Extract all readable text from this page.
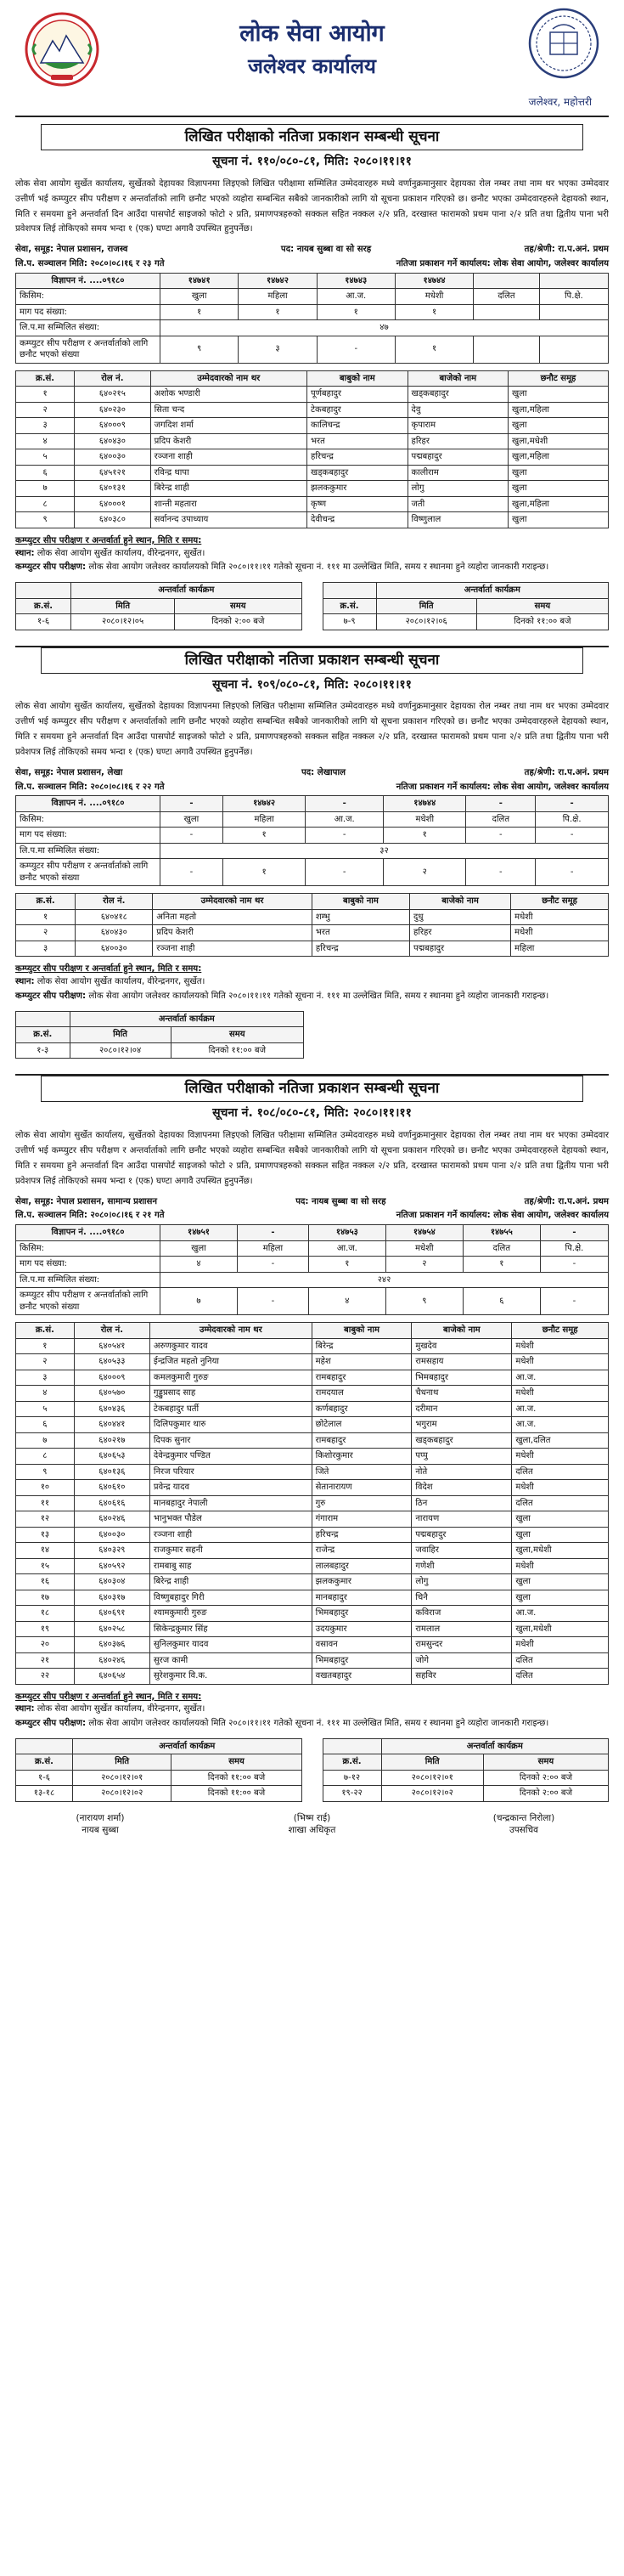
लोक सेवा आयोग
जलेश्वर कार्यालय
जलेश्वर, महोत्तरी
लिखित परीक्षाको नतिजा प्रकाशन सम्बन्धी सूचना
सूचना नं. ११०/०८०-८१, मिति: २०८०।११।११
लोक सेवा आयोग सुर्खेत कार्यालय, सुर्खेतको देहायका विज्ञापनमा लिइएको लिखित परीक्षामा सम्मिलित उम्मेदवारहरु मध्ये वर्णानुक्रमानुसार देहायका रोल नम्बर तथा नाम थर भएका उम्मेदवार उत्तीर्ण भई कम्प्युटर सीप परीक्षण र अन्तर्वार्ताको लागि छनौट भएको व्यहोरा सम्बन्धित सबैको जानकारीको लागि यो सूचना प्रकाशन गरिएको छ। छनौट भएका उम्मेदवारहरुले देहायको स्थान, मिति र समयमा हुने अन्तर्वार्ता दिन आउँदा पासपोर्ट साइजको फोटो २ प्रति, प्रमाणपत्रहरुको सक्कल सहित नक्कल २/२ प्रति, दरखास्त फारामको प्रथम पाना २/२ प्रति तथा द्वितीय पाना भरी प्रवेशपत्र लिई तोकिएको समय भन्दा १ (एक) घण्टा अगावै उपस्थित हुनुपर्नेछ।
सेवा, समूह: नेपाल प्रशासन, राजस्व	पद: नायब सुब्बा वा सो सरह	तह/श्रेणी: रा.प.अनं. प्रथम
लि.प. सञ्चालन मिति: २०८०।०८।१६ र २३ गते	नतिजा प्रकाशन गर्ने कार्यालय: लोक सेवा आयोग, जलेश्वर कार्यालय
विज्ञापन नं. ....०९१८०	१४७४१	१४७४२	१४७४३	१४७४४		
किसिम:	खुला	महिला	आ.ज.	मधेशी	दलित	पि.क्षे.
माग पद संख्या:	१	१	१	१		
लि.प.मा सम्मिलित संख्या:	४७					
कम्प्युटर सीप परीक्षण र अन्तर्वार्ताको लागि छनौट भएको संख्या	९	३	-	१		
क्र.सं.	रोल नं.	उम्मेदवारको नाम थर	बाबुको नाम	बाजेको नाम	छनौट समूह
१	६४०२१५	अशोक भण्डारी	पूर्णबहादुर	खड्कबहादुर	खुला
२	६४०२३०	सिता चन्द	टेकबहादुर	देवु	खुला,महिला
३	६४०००९	जगदिश शर्मा	कालिचन्द्र	कृपाराम	खुला
४	६४०४३०	प्रदिप केशरी	भरत	हरिहर	खुला,मधेशी
५	६४००३०	रञ्जना शाही	हरिचन्द्र	पद्मबहादुर	खुला,महिला
६	६४५१२१	रविन्द्र थापा	खड्कबहादुर	कालीराम	खुला
७	६४०१३१	बिरेन्द्र शाही	झलककुमार	लोगु	खुला
८	६४०००१	शान्ती महतारा	कृष्ण	जती	खुला,महिला
९	६४०३८०	सर्वानन्द उपाध्याय	देवीचन्द्र	विष्णुलाल	खुला
कम्प्युटर सीप परीक्षण र अन्तर्वार्ता हुने स्थान, मिति र समय:
स्थान: लोक सेवा आयोग सुर्खेत कार्यालय, वीरेन्द्रनगर, सुर्खेत।
कम्प्युटर सीप परीक्षण: लोक सेवा आयोग जलेश्वर कार्यालयको मिति २०८०।११।११ गतेको सूचना नं. १११ मा उल्लेखित मिति, समय र स्थानमा हुने व्यहोरा जानकारी गराइन्छ।
	अन्तर्वार्ता कार्यक्रम	
क्र.सं.	मिति	समय
१-६	२०८०।१२।०५	दिनको २:०० बजे
	अन्तर्वार्ता कार्यक्रम	
क्र.सं.	मिति	समय
७-९	२०८०।१२।०६	दिनको ११:०० बजे
लिखित परीक्षाको नतिजा प्रकाशन सम्बन्धी सूचना
सूचना नं. १०९/०८०-८१, मिति: २०८०।११।११
लोक सेवा आयोग सुर्खेत कार्यालय, सुर्खेतको देहायका विज्ञापनमा लिइएको लिखित परीक्षामा सम्मिलित उम्मेदवारहरु मध्ये वर्णानुक्रमानुसार देहायका रोल नम्बर तथा नाम थर भएका उम्मेदवार उत्तीर्ण भई कम्प्युटर सीप परीक्षण र अन्तर्वार्ताको लागि छनौट भएको व्यहोरा सम्बन्धित सबैको जानकारीको लागि यो सूचना प्रकाशन गरिएको छ। छनौट भएका उम्मेदवारहरुले देहायको स्थान, मिति र समयमा हुने अन्तर्वार्ता दिन आउँदा पासपोर्ट साइजको फोटो २ प्रति, प्रमाणपत्रहरुको सक्कल सहित नक्कल २/२ प्रति, दरखास्त फारामको प्रथम पाना २/२ प्रति तथा द्वितीय पाना भरी प्रवेशपत्र लिई तोकिएको समय भन्दा १ (एक) घण्टा अगावै उपस्थित हुनुपर्नेछ।
सेवा, समूह: नेपाल प्रशासन, लेखा	पद: लेखापाल	तह/श्रेणी: रा.प.अनं. प्रथम
लि.प. सञ्चालन मिति: २०८०।०८।१६ र २२ गते	नतिजा प्रकाशन गर्ने कार्यालय: लोक सेवा आयोग, जलेश्वर कार्यालय
विज्ञापन नं. ....०९१८०	-	१४७४२	-	१४७४४	-	-
किसिम:	खुला	महिला	आ.ज.	मधेशी	दलित	पि.क्षे.
माग पद संख्या:	-	१	-	१	-	-
लि.प.मा सम्मिलित संख्या:	३२					
कम्प्युटर सीप परीक्षण र अन्तर्वार्ताको लागि छनौट भएको संख्या	-	१	-	२	-	-
क्र.सं.	रोल नं.	उम्मेदवारको नाम थर	बाबुको नाम	बाजेको नाम	छनौट समूह
१	६४०४१८	अनिता महतो	शम्भु	दुधु	मधेशी
२	६४०४३०	प्रदिप केशरी	भरत	हरिहर	मधेशी
३	६४००३०	रञ्जना शाही	हरिचन्द्र	पद्मबहादुर	महिला
कम्प्युटर सीप परीक्षण र अन्तर्वार्ता हुने स्थान, मिति र समय:
स्थान: लोक सेवा आयोग सुर्खेत कार्यालय, वीरेन्द्रनगर, सुर्खेत।
कम्प्युटर सीप परीक्षण: लोक सेवा आयोग जलेश्वर कार्यालयको मिति २०८०।११।११ गतेको सूचना नं. १११ मा उल्लेखित मिति, समय र स्थानमा हुने व्यहोरा जानकारी गराइन्छ।
	अन्तर्वार्ता कार्यक्रम	
क्र.सं.	मिति	समय
१-३	२०८०।१२।०४	दिनको ११:०० बजे
लिखित परीक्षाको नतिजा प्रकाशन सम्बन्धी सूचना
सूचना नं. १०८/०८०-८१, मिति: २०८०।११।११
लोक सेवा आयोग सुर्खेत कार्यालय, सुर्खेतको देहायका विज्ञापनमा लिइएको लिखित परीक्षामा सम्मिलित उम्मेदवारहरु मध्ये वर्णानुक्रमानुसार देहायका रोल नम्बर तथा नाम थर भएका उम्मेदवार उत्तीर्ण भई कम्प्युटर सीप परीक्षण र अन्तर्वार्ताको लागि छनौट भएको व्यहोरा सम्बन्धित सबैको जानकारीको लागि यो सूचना प्रकाशन गरिएको छ। छनौट भएका उम्मेदवारहरुले देहायको स्थान, मिति र समयमा हुने अन्तर्वार्ता दिन आउँदा पासपोर्ट साइजको फोटो २ प्रति, प्रमाणपत्रहरुको सक्कल सहित नक्कल २/२ प्रति, दरखास्त फारामको प्रथम पाना २/२ प्रति तथा द्वितीय पाना भरी प्रवेशपत्र लिई तोकिएको समय भन्दा १ (एक) घण्टा अगावै उपस्थित हुनुपर्नेछ।
सेवा, समूह: नेपाल प्रशासन, सामान्य प्रशासन	पद: नायब सुब्बा वा सो सरह	तह/श्रेणी: रा.प.अनं. प्रथम
लि.प. सञ्चालन मिति: २०८०।०८।१६ र २१ गते	नतिजा प्रकाशन गर्ने कार्यालय: लोक सेवा आयोग, जलेश्वर कार्यालय
विज्ञापन नं. ....०९१८०	१४७५१	-	१४७५३	१४७५४	१४७५५	-
किसिम:	खुला	महिला	आ.ज.	मधेशी	दलित	पि.क्षे.
माग पद संख्या:	४	-	१	२	१	-
लि.प.मा सम्मिलित संख्या:	२४२					
कम्प्युटर सीप परीक्षण र अन्तर्वार्ताको लागि छनौट भएको संख्या	७	-	४	९	६	-
क्र.सं.	रोल नं.	उम्मेदवारको नाम थर	बाबुको नाम	बाजेको नाम	छनौट समूह
१	६४०५४१	अरुणकुमार यादव	बिरेन्द्र	मुखदेव	मधेशी
२	६४०५३३	ईन्द्रजित महतो नुनिया	महेश	रामसहाय	मधेशी
३	६४०००९	कमलकुमारी गुरुङ	रामबहादुर	भिमबहादुर	आ.ज.
४	६४०५७०	गुड्डुप्रसाद साह	रामदयाल	चैधनाथ	मधेशी
५	६४०४३६	टेकबहादुर घर्ती	कर्णबहादुर	दरीमान	आ.ज.
६	६४०४४१	दिलिपकुमार थारु	छोटेलाल	भगुराम	आ.ज.
७	६४०२१७	दिपक सुनार	रामबहादुर	खड्कबहादुर	खुला,दलित
८	६४०६५३	देवेन्द्रकुमार पण्डित	किशोरकुमार	पप्पु	मधेशी
९	६४०१३६	निरज परियार	जिते	नोते	दलित
१०	६४०६१०	प्रवेन्द्र यादव	सेतानारायण	विदेश	मधेशी
११	६४०६१६	मानबहादुर नेपाली	गुरु	ठिन	दलित
१२	६४०२४६	भानुभक्त पौडेल	गंगाराम	नारायण	खुला
१३	६४००३०	रञ्जना शाही	हरिचन्द्र	पद्मबहादुर	खुला
१४	६४०३२९	राजकुमार सहनी	राजेन्द्र	जवाहिर	खुला,मधेशी
१५	६४०५९२	रामबाबु साह	लालबहादुर	गणेशी	मधेशी
१६	६४०३०४	बिरेन्द्र शाही	झलककुमार	लोगु	खुला
१७	६४०३१७	विष्णुबहादुर गिरी	मानबहादुर	चिनै	खुला
१८	६४०६९१	श्यामकुमारी गुरुङ	भिमबहादुर	कविराज	आ.ज.
१९	६४०२५८	सिकेन्द्रकुमार सिंह	उदयकुमार	रामलाल	खुला,मधेशी
२०	६४०३७६	सुनिलकुमार यादव	वसावन	रामसुन्दर	मधेशी
२१	६४०२४६	सुरज कामी	भिमबहादुर	जोगे	दलित
२२	६४०६५४	सुरेशकुमार वि.क.	वखतबहादुर	सहविर	दलित
कम्प्युटर सीप परीक्षण र अन्तर्वार्ता हुने स्थान, मिति र समय:
स्थान: लोक सेवा आयोग सुर्खेत कार्यालय, वीरेन्द्रनगर, सुर्खेत।
कम्प्युटर सीप परीक्षण: लोक सेवा आयोग जलेश्वर कार्यालयको मिति २०८०।११।११ गतेको सूचना नं. १११ मा उल्लेखित मिति, समय र स्थानमा हुने व्यहोरा जानकारी गराइन्छ।
	अन्तर्वार्ता कार्यक्रम	
क्र.सं.	मिति	समय
१-६	२०८०।१२।०१	दिनको ११:०० बजे
१३-१८	२०८०।१२।०२	दिनको ११:०० बजे
	अन्तर्वार्ता कार्यक्रम	
क्र.सं.	मिति	समय
७-१२	२०८०।१२।०१	दिनको २:०० बजे
१९-२२	२०८०।१२।०२	दिनको २:०० बजे
(नारायण शर्मा)
नायब सुब्बा
(भिष्म राई)
शाखा अधिकृत
(चन्द्रकान्त निरोला)
उपसचिव
